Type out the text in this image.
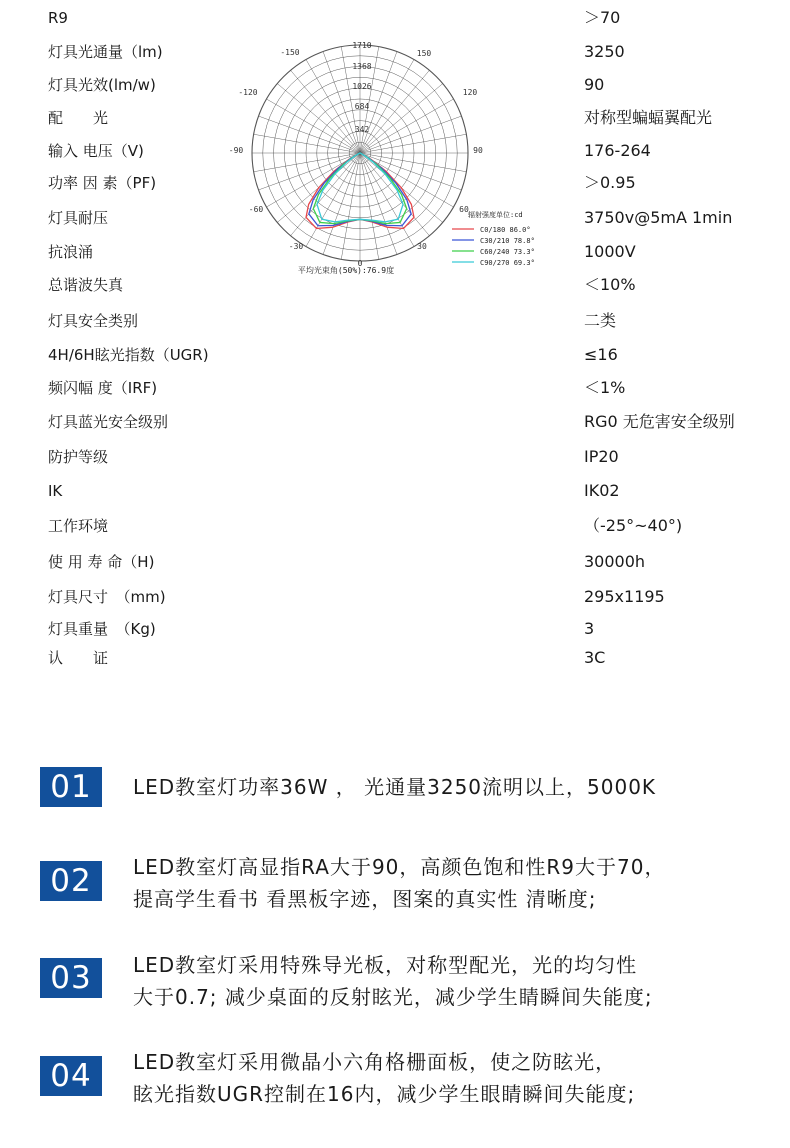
R9	＞70
灯具光通量（lm)	3250
灯具光效(lm/w)	90
配　　光	对称型蝙蝠翼配光
输入 电压（V)	176-264
功率 因 素（PF)	＞0.95
灯具耐压	3750v@5mA 1min
抗浪涌	1000V
总谐波失真	＜10%
灯具安全类别	二类
4H/6H眩光指数（UGR)	≤16
频闪幅 度（IRF)	＜1%
灯具蓝光安全级别	RG0 无危害安全级别
防护等级	IP20
IK	IK02
工作环境	（-25°~40°)
使 用 寿 命（H)	30000h
灯具尺寸　（mm)	295x1195
灯具重量　（Kg)	3
认　　证	3C
342
684
1026
1368
1710
-150	150
-120	120
-90	90
-60	60
-30	30
0
平均光束角(50%):76.9度
辐射强度单位:cd
C0/180 86.0°
C30/210 78.8°
C60/240 73.3°
C90/270 69.3°
01	LED教室灯功率36W ， 光通量3250流明以上，5000K
02	LED教室灯高显指RA大于90，高颜色饱和性R9大于70，
提高学生看书 看黑板字迹，图案的真实性 清晰度;
03	LED教室灯采用特殊导光板，对称型配光，光的均匀性
大于0.7; 减少桌面的反射眩光，减少学生睛瞬间失能度;
04	LED教室灯采用微晶小六角格栅面板，使之防眩光，
眩光指数UGR控制在16内，减少学生眼睛瞬间失能度;
